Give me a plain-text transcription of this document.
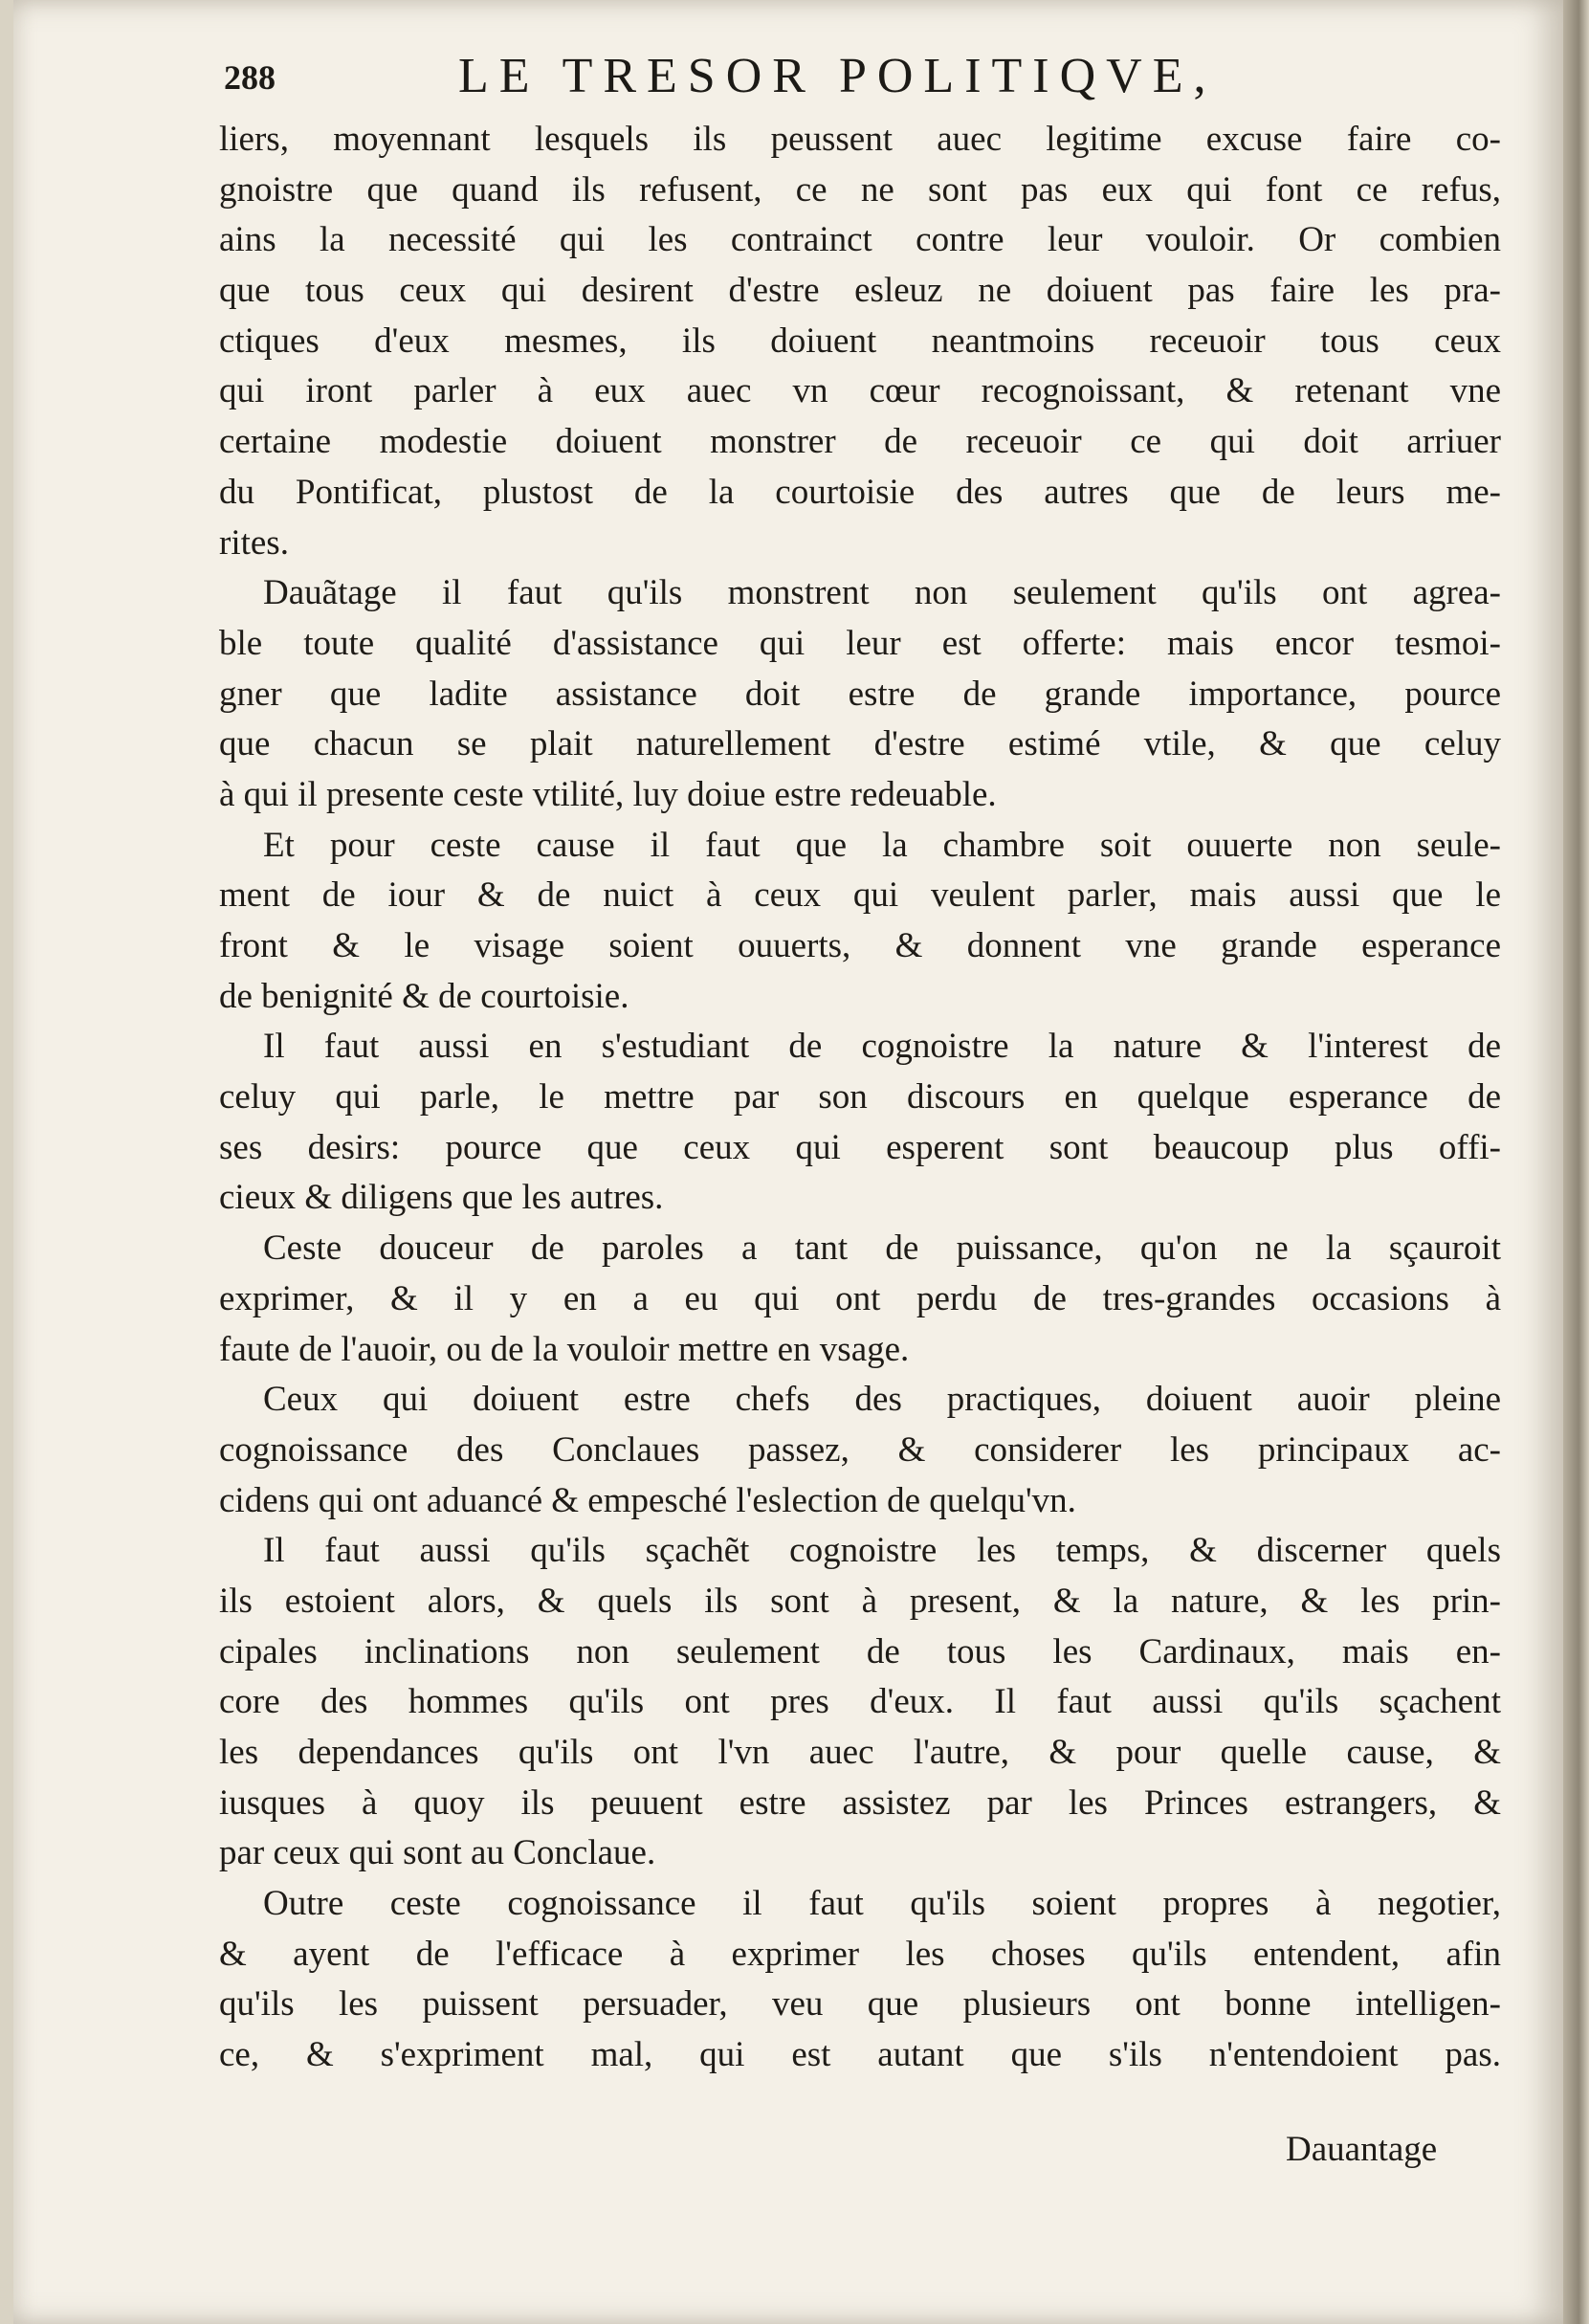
288	LE TRESOR POLITIQVE,
liers, moyennant lesquels ils peussent auec legitime excuse faire co-
gnoistre que quand ils refusent, ce ne sont pas eux qui font ce refus,
ains la necessité qui les contrainct contre leur vouloir. Or combien
que tous ceux qui desirent d'estre esleuz ne doiuent pas faire les pra-
ctiques d'eux mesmes, ils doiuent neantmoins receuoir tous ceux
qui iront parler à eux auec vn cœur recognoissant, & retenant vne
certaine modestie doiuent monstrer de receuoir ce qui doit arriuer
du Pontificat, plustost de la courtoisie des autres que de leurs me-
rites.
Dauãtage il faut qu'ils monstrent non seulement qu'ils ont agrea-
ble toute qualité d'assistance qui leur est offerte: mais encor tesmoi-
gner que ladite assistance doit estre de grande importance, pource
que chacun se plait naturellement d'estre estimé vtile, & que celuy
à qui il presente ceste vtilité, luy doiue estre redeuable.
Et pour ceste cause il faut que la chambre soit ouuerte non seule-
ment de iour & de nuict à ceux qui veulent parler, mais aussi que le
front & le visage soient ouuerts, & donnent vne grande esperance
de benignité & de courtoisie.
Il faut aussi en s'estudiant de cognoistre la nature & l'interest de
celuy qui parle, le mettre par son discours en quelque esperance de
ses desirs: pource que ceux qui esperent sont beaucoup plus offi-
cieux & diligens que les autres.
Ceste douceur de paroles a tant de puissance, qu'on ne la sçauroit
exprimer, & il y en a eu qui ont perdu de tres-grandes occasions à
faute de l'auoir, ou de la vouloir mettre en vsage.
Ceux qui doiuent estre chefs des practiques, doiuent auoir pleine
cognoissance des Conclaues passez, & considerer les principaux ac-
cidens qui ont aduancé & empesché l'eslection de quelqu'vn.
Il faut aussi qu'ils sçachẽt cognoistre les temps, & discerner quels
ils estoient alors, & quels ils sont à present, & la nature, & les prin-
cipales inclinations non seulement de tous les Cardinaux, mais en-
core des hommes qu'ils ont pres d'eux. Il faut aussi qu'ils sçachent
les dependances qu'ils ont l'vn auec l'autre, & pour quelle cause, &
iusques à quoy ils peuuent estre assistez par les Princes estrangers, &
par ceux qui sont au Conclaue.
Outre ceste cognoissance il faut qu'ils soient propres à negotier,
& ayent de l'efficace à exprimer les choses qu'ils entendent, afin
qu'ils les puissent persuader, veu que plusieurs ont bonne intelligen-
ce, & s'expriment mal, qui est autant que s'ils n'entendoient pas.
Dauantage
